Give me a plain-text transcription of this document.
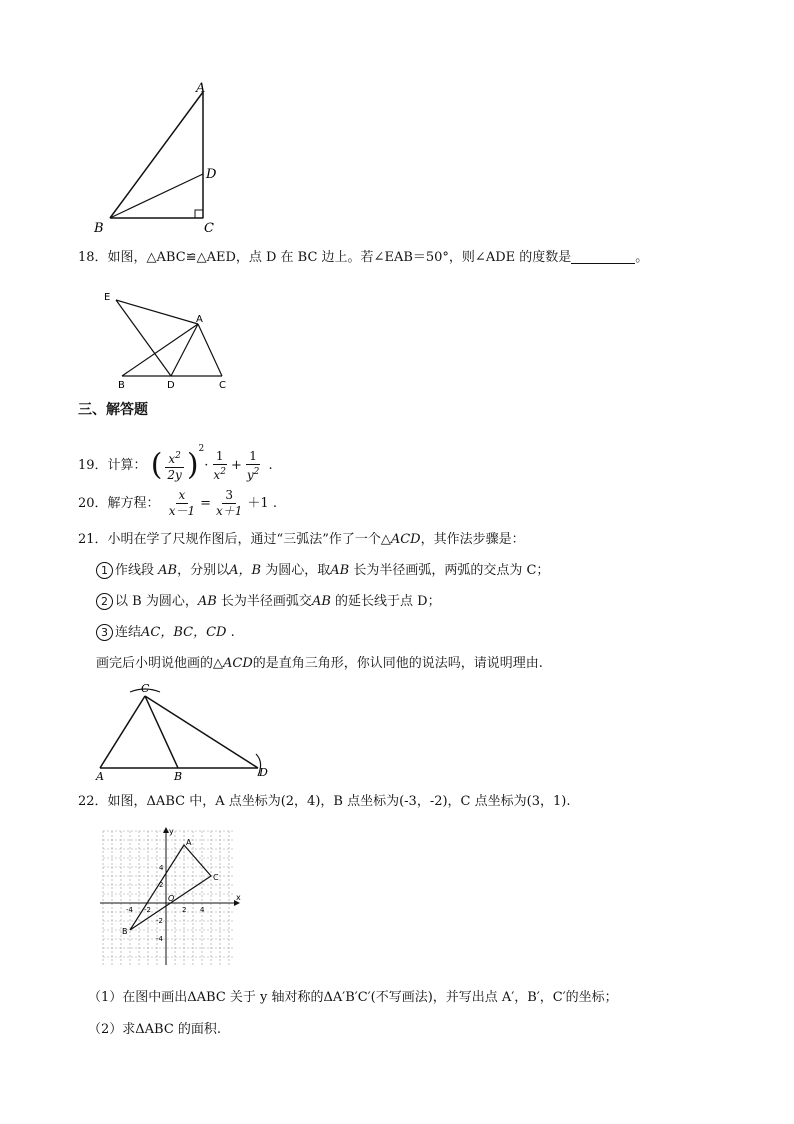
A
D
B	C
18．如图，△ABC≌△AED，点 D 在 BC 边上。若∠EAB＝50°，则∠ADE 的度数是	。
E
A
B	D	C
三、解答题
19．计算： ( $\frac{x^2}{2y} )^2\cdot \frac{1}{x^2} + \frac{1}{y^2}$ .
20．解方程： $\frac{x}{x-1} = \frac{3}{x+1} +1$ .
21．小明在学了尺规作图后，通过“三弧法”作了一个△ACD，其作法步骤是：
1 作线段 AB，分别以A，B 为圆心，取AB 长为半径画弧，两弧的交点为 C；
2 以 B 为圆心，AB 长为半径画弧交AB 的延长线于点 D；
3 连结AC，BC，CD .
画完后小明说他画的△ACD的是直角三角形，你认同他的说法吗，请说明理由.
C
A	B	D
22．如图，ΔABC 中，A 点坐标为(2，4)，B 点坐标为(-3，-2)，C 点坐标为(3，1).
x
y
O
A
B
C
-4 -2	2 4
4
2
-2
-4
（1）在图中画出ΔABC 关于 y 轴对称的ΔA′B′C′(不写画法)，并写出点 A′，B′，C′的坐标；
（2）求ΔABC 的面积.
